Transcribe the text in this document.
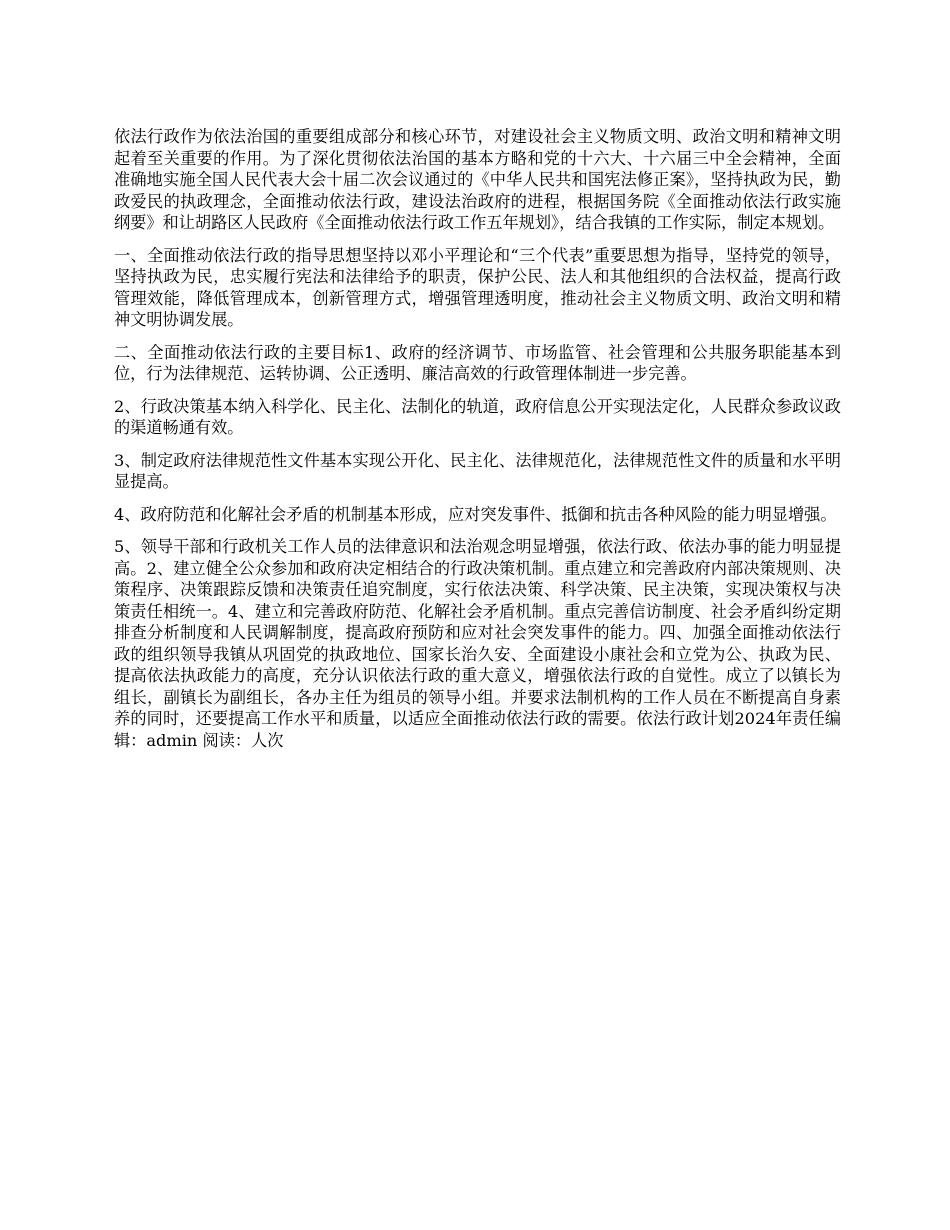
依法行政作为依法治国的重要组成部分和核心环节，对建设社会主义物质文明、政治文明和精神文明起着至关重要的作用。为了深化贯彻依法治国的基本方略和党的十六大、十六届三中全会精神，全面准确地实施全国人民代表大会十届二次会议通过的《中华人民共和国宪法修正案》，坚持执政为民，勤政爱民的执政理念，全面推动依法行政，建设法治政府的进程，根据国务院《全面推动依法行政实施纲要》和让胡路区人民政府《全面推动依法行政工作五年规划》，结合我镇的工作实际，制定本规划。

一、全面推动依法行政的指导思想坚持以邓小平理论和“三个代表”重要思想为指导，坚持党的领导，坚持执政为民，忠实履行宪法和法律给予的职责，保护公民、法人和其他组织的合法权益，提高行政管理效能，降低管理成本，创新管理方式，增强管理透明度，推动社会主义物质文明、政治文明和精神文明协调发展。

二、全面推动依法行政的主要目标1、政府的经济调节、市场监管、社会管理和公共服务职能基本到位，行为法律规范、运转协调、公正透明、廉洁高效的行政管理体制进一步完善。

2、行政决策基本纳入科学化、民主化、法制化的轨道，政府信息公开实现法定化，人民群众参政议政的渠道畅通有效。

3、制定政府法律规范性文件基本实现公开化、民主化、法律规范化，法律规范性文件的质量和水平明显提高。

4、政府防范和化解社会矛盾的机制基本形成，应对突发事件、抵御和抗击各种风险的能力明显增强。

5、领导干部和行政机关工作人员的法律意识和法治观念明显增强，依法行政、依法办事的能力明显提高。2、建立健全公众参加和政府决定相结合的行政决策机制。重点建立和完善政府内部决策规则、决策程序、决策跟踪反馈和决策责任追究制度，实行依法决策、科学决策、民主决策，实现决策权与决策责任相统一。4、建立和完善政府防范、化解社会矛盾机制。重点完善信访制度、社会矛盾纠纷定期排查分析制度和人民调解制度，提高政府预防和应对社会突发事件的能力。四、加强全面推动依法行政的组织领导我镇从巩固党的执政地位、国家长治久安、全面建设小康社会和立党为公、执政为民、提高依法执政能力的高度，充分认识依法行政的重大意义，增强依法行政的自觉性。成立了以镇长为组长，副镇长为副组长，各办主任为组员的领导小组。并要求法制机构的工作人员在不断提高自身素养的同时，还要提高工作水平和质量，以适应全面推动依法行政的需要。依法行政计划2024年责任编辑：admin 阅读：人次
